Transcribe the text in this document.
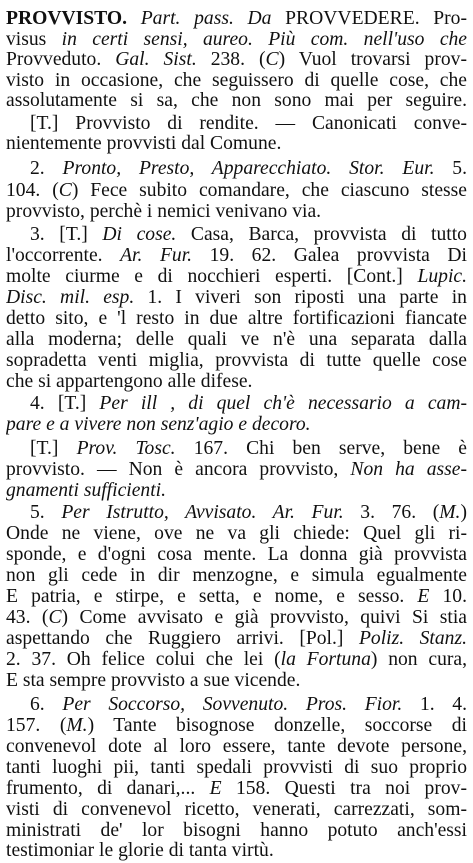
PROVVISTO. Part. pass. Da PROVVEDERE. Pro-
visus in certi sensi, aureo. Più com. nell'uso che
Provveduto. Gal. Sist. 238. (C) Vuol trovarsi prov-
visto in occasione, che seguissero di quelle cose, che
assolutamente si sa, che non sono mai per seguire.
[T.] Provvisto di rendite. — Canonicati conve-
nientemente provvisti dal Comune.
2. Pronto, Presto, Apparecchiato. Stor. Eur. 5.
104. (C) Fece subito comandare, che ciascuno stesse
provvisto, perchè i nemici venivano via.
3. [T.] Di cose. Casa, Barca, provvista di tutto
l'occorrente. Ar. Fur. 19. 62. Galea provvista Di
molte ciurme e di nocchieri esperti. [Cont.] Lupic.
Disc. mil. esp. 1. I viveri son riposti una parte in
detto sito, e 'l resto in due altre fortificazioni fiancate
alla moderna; delle quali ve n'è una separata dalla
sopradetta venti miglia, provvista di tutte quelle cose
che si appartengono alle difese.
4. [T.] Per ill , di quel ch'è necessario a cam-
pare e a vivere non senz'agio e decoro.
[T.] Prov. Tosc. 167. Chi ben serve, bene è
provvisto. — Non è ancora provvisto, Non ha asse-
gnamenti sufficienti.
5. Per Istrutto, Avvisato. Ar. Fur. 3. 76. (M.)
Onde ne viene, ove ne va gli chiede: Quel gli ri-
sponde, e d'ogni cosa mente. La donna già provvista
non gli cede in dir menzogne, e simula egualmente
E patria, e stirpe, e setta, e nome, e sesso. E 10.
43. (C) Come avvisato e già provvisto, quivi Si stia
aspettando che Ruggiero arrivi. [Pol.] Poliz. Stanz.
2. 37. Oh felice colui che lei (la Fortuna) non cura,
E sta sempre provvisto a sue vicende.
6. Per Soccorso, Sovvenuto. Pros. Fior. 1. 4.
157. (M.) Tante bisognose donzelle, soccorse di
convenevol dote al loro essere, tante devote persone,
tanti luoghi pii, tanti spedali provvisti di suo proprio
frumento, di danari,... E 158. Questi tra noi prov-
visti di convenevol ricetto, venerati, carrezzati, som-
ministrati de' lor bisogni hanno potuto anch'essi
testimoniar le glorie di tanta virtù.
